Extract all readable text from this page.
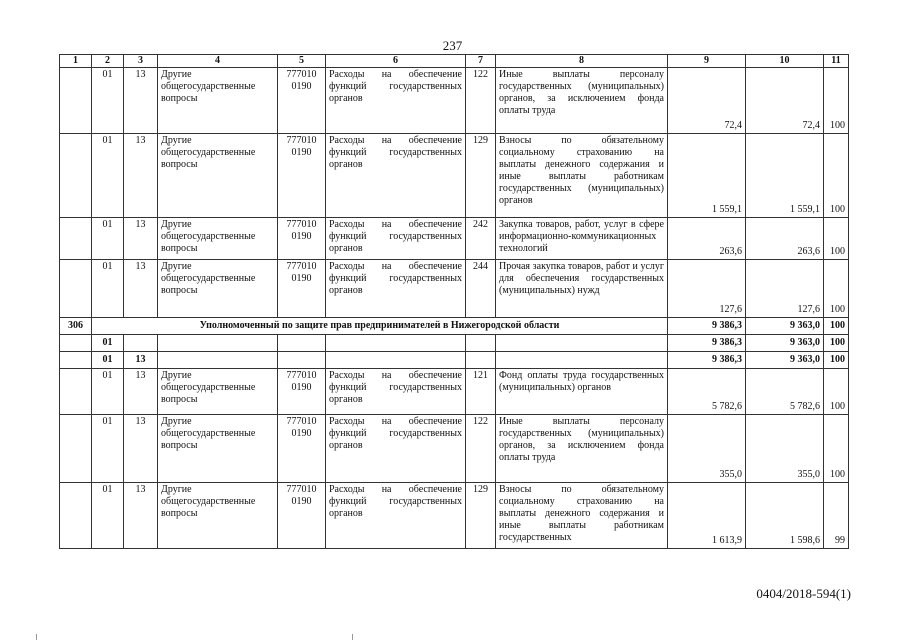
237
1	2	3	4	5	6	7	8	9	10	11
	01	13	Другие общегосударственные вопросы	777010 0190	Расходы на обеспечение функций государственных органов	122	Иные выплаты персоналу государственных (муниципальных) органов, за исключением фонда оплаты труда	72,4	72,4	100
	01	13	Другие общегосударственные вопросы	777010 0190	Расходы на обеспечение функций государственных органов	129	Взносы по обязательному социальному страхованию на выплаты денежного содержания и иные выплаты работникам государственных (муниципальных) органов	1 559,1	1 559,1	100
	01	13	Другие общегосударственные вопросы	777010 0190	Расходы на обеспечение функций государственных органов	242	Закупка товаров, работ, услуг в сфере информационно-коммуникационных технологий	263,6	263,6	100
	01	13	Другие общегосударственные вопросы	777010 0190	Расходы на обеспечение функций государственных органов	244	Прочая закупка товаров, работ и услуг для обеспечения государственных (муниципальных) нужд	127,6	127,6	100
306	Уполномоченный по защите прав предпринимателей в Нижегородской области							9 386,3	9 363,0	100
	01							9 386,3	9 363,0	100
	01	13						9 386,3	9 363,0	100
	01	13	Другие общегосударственные вопросы	777010 0190	Расходы на обеспечение функций государственных органов	121	Фонд оплаты труда государственных (муниципальных) органов	5 782,6	5 782,6	100
	01	13	Другие общегосударственные вопросы	777010 0190	Расходы на обеспечение функций государственных органов	122	Иные выплаты персоналу государственных (муниципальных) органов, за исключением фонда оплаты труда	355,0	355,0	100
	01	13	Другие общегосударственные вопросы	777010 0190	Расходы на обеспечение функций государственных органов	129	Взносы по обязательному социальному страхованию на выплаты денежного содержания и иные выплаты работникам государственных	1 613,9	1 598,6	99
0404/2018-594(1)
